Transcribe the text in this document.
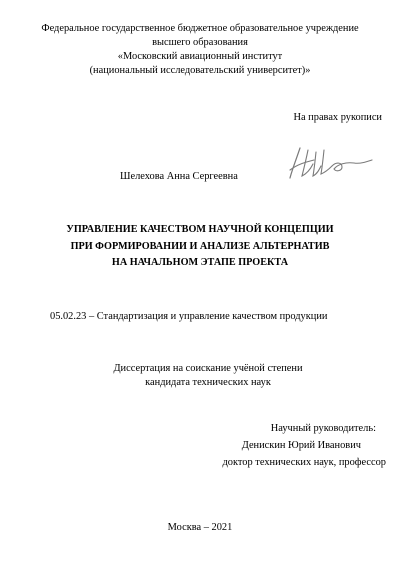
Федеральное государственное бюджетное образовательное учреждение
высшего образования
«Московский авиационный институт
(национальный исследовательский университет)»
На правах рукописи
Шелехова Анна Сергеевна
УПРАВЛЕНИЕ КАЧЕСТВОМ НАУЧНОЙ КОНЦЕПЦИИ
ПРИ ФОРМИРОВАНИИ И АНАЛИЗЕ АЛЬТЕРНАТИВ
НА НАЧАЛЬНОМ ЭТАПЕ ПРОЕКТА
05.02.23 – Стандартизация и управление качеством продукции
Диссертация на соискание учёной степени
кандидата технических наук
Научный руководитель:
Денискин Юрий Иванович
доктор технических наук, профессор
Москва – 2021
